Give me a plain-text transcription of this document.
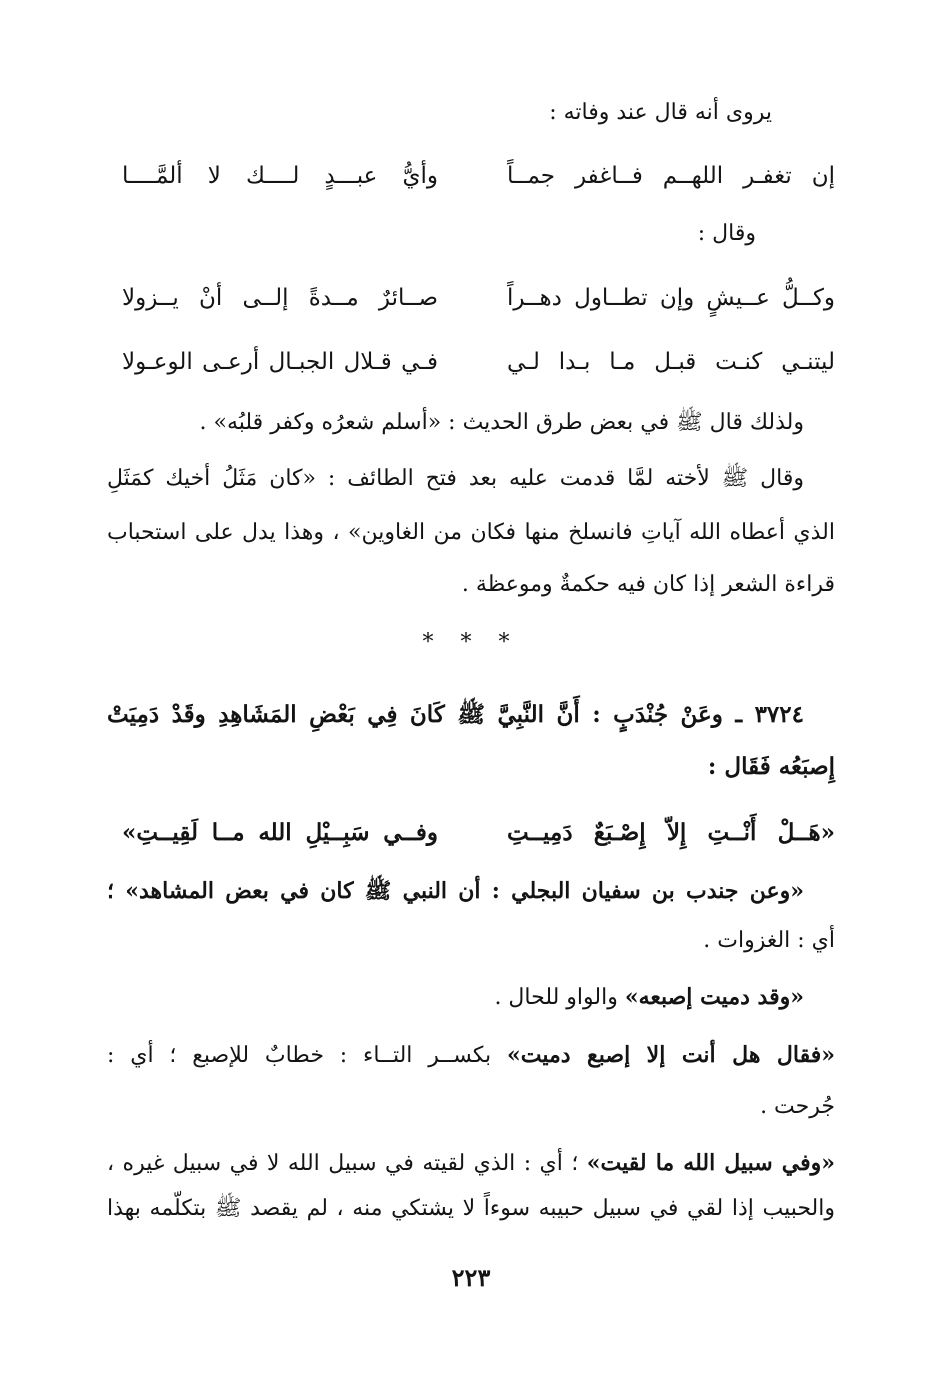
يروى أنه قال عند وفاته :
إن تغفـر اللهــم فــاغفر جمــاً
وأيُّ عبـــدٍ لــــك لا ألمَّــــا
وقال :
وكــلُّ عــيشٍ وإن تطــاول دهــراً
صــائرٌ مــدةً إلــى أنْ يــزولا
ليتنـي كنـت قبـل مـا بـدا لـي
فـي قـلال الجبـال أرعـى الوعـولا
ولذلك قال ﷺ في بعض طرق الحديث : «أسلم شعرُه وكفر قلبُه» .
وقال ﷺ لأخته لمَّا قدمت عليه بعد فتح الطائف : «كان مَثَلُ أخيك كمَثَلِ
الذي أعطاه الله آياتِ فانسلخ منها فكان من الغاوين» ، وهذا يدل على استحباب
قراءة الشعر إذا كان فيه حكمةٌ وموعظة .
* * *
٣٧٢٤ ـ وعَنْ جُنْدَبٍ : أَنَّ النَّبِيَّ ﷺ كَانَ فِي بَعْضِ المَشَاهِدِ وقَدْ دَمِيَتْ
إِصبَعُه فَقَال :
«هَــلْ أَنْــتِ إِلاّ إِصْـبَعٌ دَمِيــتِ
وفــي سَبِــيْلِ الله مــا لَقِيــتِ»
«وعن جندب بن سفيان البجلي : أن النبي ﷺ كان في بعض المشاهد» ؛
أي : الغزوات .
«وقد دميت إصبعه» والواو للحال .
«فقال هل أنت إلا إصبع دميت» بكســر التــاء : خطابٌ للإصبع ؛ أي :
جُرحت .
«وفي سبيل الله ما لقيت» ؛ أي : الذي لقيته في سبيل الله لا في سبيل غيره ،
والحبيب إذا لقي في سبيل حبيبه سوءاً لا يشتكي منه ، لم يقصد ﷺ بتكلّمه بهذا
٢٢٣
